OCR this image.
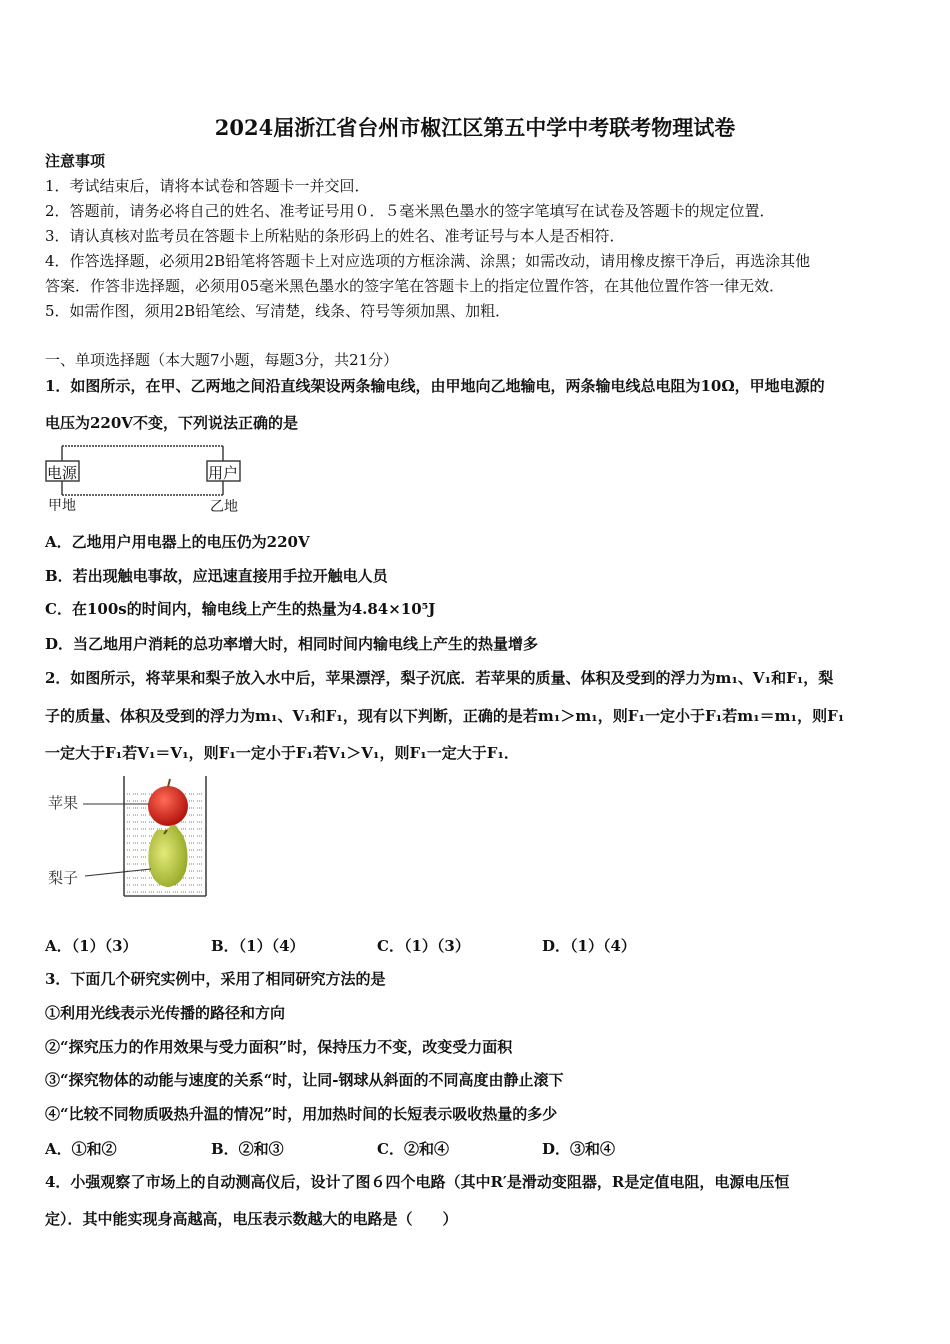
2024届浙江省台州市椒江区第五中学中考联考物理试卷
注意事项
1．考试结束后，请将本试卷和答题卡一并交回．
2．答题前，请务必将自己的姓名、准考证号用０．５毫米黑色墨水的签字笔填写在试卷及答题卡的规定位置．
3．请认真核对监考员在答题卡上所粘贴的条形码上的姓名、准考证号与本人是否相符．
4．作答选择题，必须用2B铅笔将答题卡上对应选项的方框涂满、涂黑；如需改动，请用橡皮擦干净后，再选涂其他
答案．作答非选择题，必须用05毫米黑色墨水的签字笔在答题卡上的指定位置作答，在其他位置作答一律无效．
5．如需作图，须用2B铅笔绘、写清楚，线条、符号等须加黑、加粗．
一、单项选择题（本大题7小题，每题3分，共21分）
1．如图所示，在甲、乙两地之间沿直线架设两条输电线，由甲地向乙地输电，两条输电线总电阻为10Ω，甲地电源的
电压为220V不变，下列说法正确的是
电源	用户
甲地	乙地
A．乙地用户用电器上的电压仍为220V
B．若出现触电事故，应迅速直接用手拉开触电人员
C．在100s的时间内，输电线上产生的热量为4.84×10⁵J
D．当乙地用户消耗的总功率增大时，相同时间内输电线上产生的热量增多
2．如图所示，将苹果和梨子放入水中后，苹果漂浮，梨子沉底．若苹果的质量、体积及受到的浮力为m₁、V₁和F₁，梨
子的质量、体积及受到的浮力为m₁、V₁和F₁，现有以下判断，正确的是若m₁＞m₁，则F₁一定小于F₁若m₁＝m₁，则F₁
一定大于F₁若V₁＝V₁，则F₁一定小于F₁若V₁＞V₁，则F₁一定大于F₁．
苹果
梨子
A．（1）（3）	B．（1）（4）	C．（1）（3）	D．（1）（4）
3．下面几个研究实例中，采用了相同研究方法的是
①利用光线表示光传播的路径和方向
②“探究压力的作用效果与受力面积”时，保持压力不变，改变受力面积
③“探究物体的动能与速度的关系“时，让同-钢球从斜面的不同高度由静止滚下
④“比较不同物质吸热升温的情况”时，用加热时间的长短表示吸收热量的多少
A．①和②	B．②和③	C．②和④	D．③和④
4．小强观察了市场上的自动测高仪后，设计了图６四个电路（其中R′是滑动变阻器，R是定值电阻，电源电压恒
定）．其中能实现身高越高，电压表示数越大的电路是（　　）
